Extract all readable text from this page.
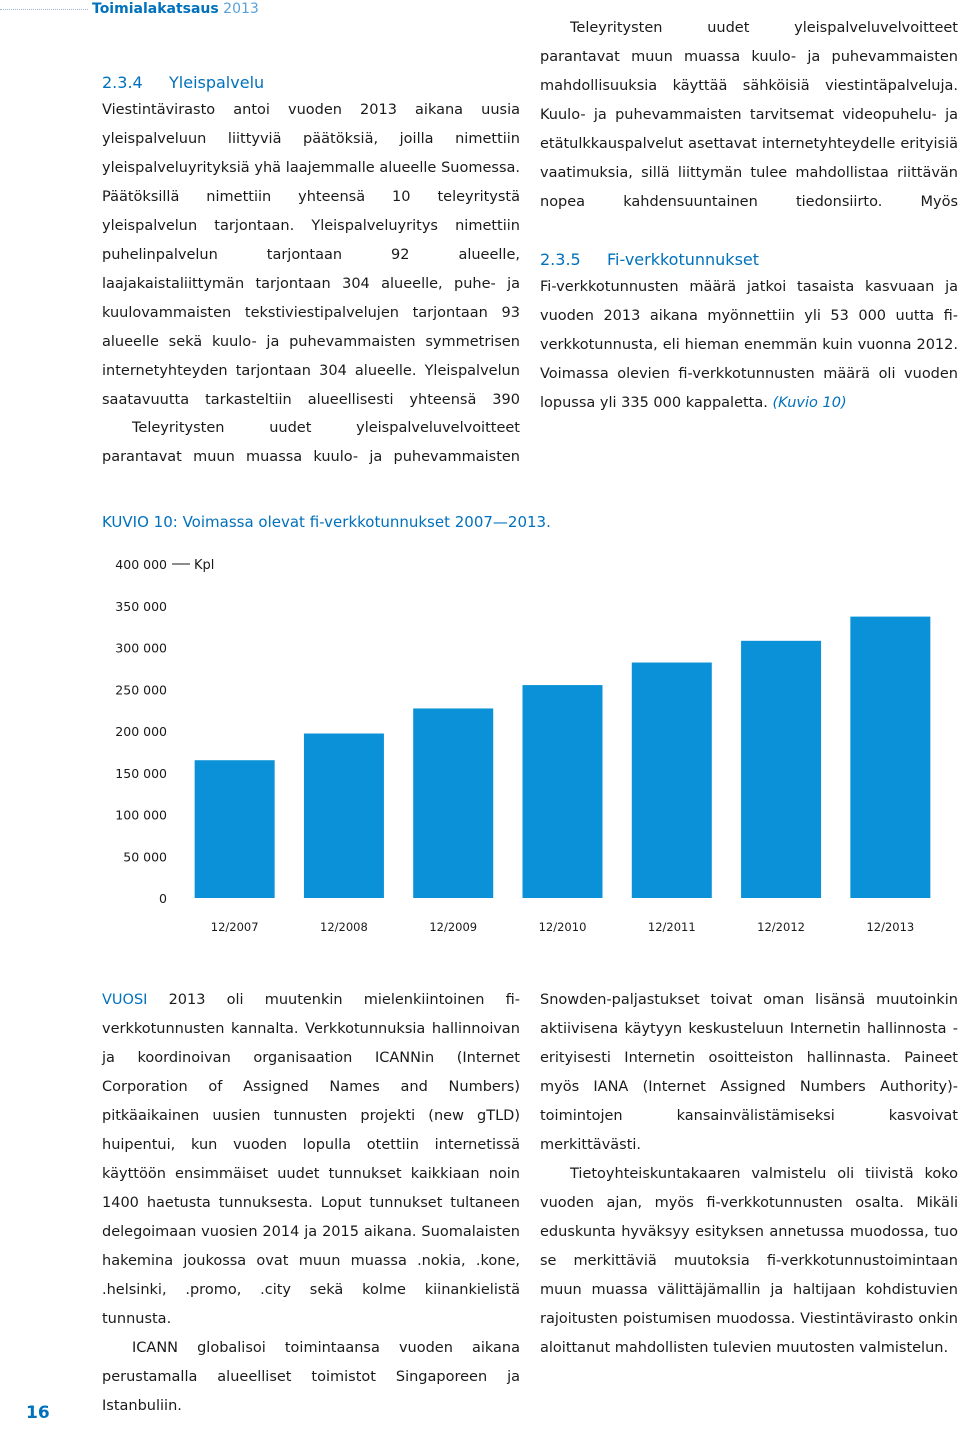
Toimialakatsaus 2013
2.3.4 Yleispalvelu

Viestintävirasto antoi vuoden 2013 aikana uusia yleispalveluun liittyviä päätöksiä, joilla nimettiin yleispalveluyrityksiä yhä laajemmalle alueelle Suomessa. Päätöksillä nimettiin yhteensä 10 teleyritystä yleispalvelun tarjontaan. Yleispalveluyritys nimettiin puhelinpalvelun tarjontaan 92 alueelle, laajakaistaliittymän tarjontaan 304 alueelle, puhe- ja kuulovammaisten tekstiviestipalvelujen tarjontaan 93 alueelle sekä kuulo- ja puhevammaisten symmetrisen internetyhteyden tarjontaan 304 alueelle. Yleispalvelun saatavuutta tarkasteltiin alueellisesti yhteensä 390

Teleyritysten uudet yleispalveluvelvoitteet parantavat muun muassa kuulo- ja puhevammaisten

Teleyritysten uudet yleispalveluvelvoitteet parantavat muun muassa kuulo- ja puhevammaisten mahdollisuuksia käyttää sähköisiä viestintäpalveluja. Kuulo- ja puhevammaisten tarvitsemat videopuhelu- ja etätulkkauspalvelut asettavat internetyhteydelle erityisiä vaatimuksia, sillä liittymän tulee mahdollistaa riittävän nopea kahdensuuntainen tiedonsiirto. Myös

2.3.5 Fi-verkkotunnukset

Fi-verkkotunnusten määrä jatkoi tasaista kasvuaan ja vuoden 2013 aikana myönnettiin yli 53 000 uutta fi-verkkotunnusta, eli hieman enemmän kuin vuonna 2012. Voimassa olevien fi-verkkotunnusten määrä oli vuoden lopussa yli 335 000 kappaletta. (Kuvio 10)

KUVIO 10: Voimassa olevat fi-verkkotunnukset 2007—2013.
0
50 000
100 000
150 000
200 000
250 000
300 000
350 000
400 000 Kpl
12/2007	12/2008	12/2009	12/2010	12/2011	12/2012	12/2013

VUOSI 2013 oli muutenkin mielenkiintoinen fi-verkkotunnusten kannalta. Verkkotunnuksia hallinnoivan ja koordinoivan organisaation ICANNin (Internet Corporation of Assigned Names and Numbers) pitkäaikainen uusien tunnusten projekti (new gTLD) huipentui, kun vuoden lopulla otettiin internetissä käyttöön ensimmäiset uudet tunnukset kaikkiaan noin 1400 haetusta tunnuksesta. Loput tunnukset tultaneen delegoimaan vuosien 2014 ja 2015 aikana. Suomalaisten hakemina joukossa ovat muun muassa .nokia, .kone, .helsinki, .promo, .city sekä kolme kiinankielistä tunnusta.

ICANN globalisoi toimintaansa vuoden aikana perustamalla alueelliset toimistot Singaporeen ja Istanbuliin.

Snowden-paljastukset toivat oman lisänsä muutoinkin aktiivisena käytyyn keskusteluun Internetin hallinnosta - erityisesti Internetin osoitteiston hallinnasta. Paineet myös IANA (Internet Assigned Numbers Authority)-toimintojen kansainvälistämiseksi kasvoivat merkittävästi.

Tietoyhteiskuntakaaren valmistelu oli tiivistä koko vuoden ajan, myös fi-verkkotunnusten osalta. Mikäli eduskunta hyväksyy esityksen annetussa muodossa, tuo se merkittäviä muutoksia fi-verkkotunnustoimintaan muun muassa välittäjämallin ja haltijaan kohdistuvien rajoitusten poistumisen muodossa. Viestintävirasto onkin aloittanut mahdollisten tulevien muutosten valmistelun.

16
